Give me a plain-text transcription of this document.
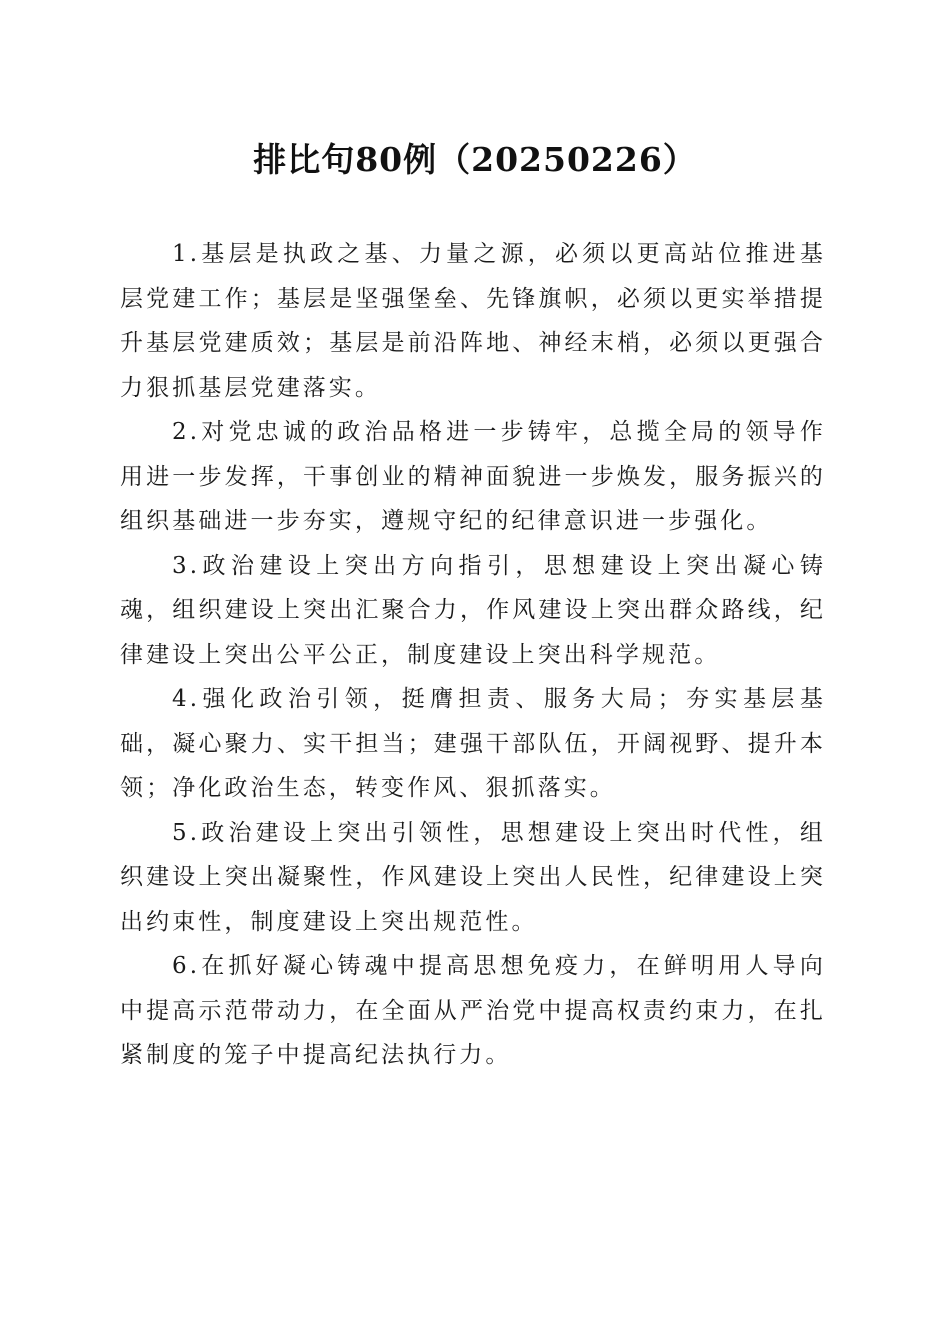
排比句80例（20250226）

1.基层是执政之基、力量之源，必须以更高站位推进基层党建工作；基层是坚强堡垒、先锋旗帜，必须以更实举措提升基层党建质效；基层是前沿阵地、神经末梢，必须以更强合力狠抓基层党建落实。

2.对党忠诚的政治品格进一步铸牢，总揽全局的领导作用进一步发挥，干事创业的精神面貌进一步焕发，服务振兴的组织基础进一步夯实，遵规守纪的纪律意识进一步强化。

3.政治建设上突出方向指引，思想建设上突出凝心铸魂，组织建设上突出汇聚合力，作风建设上突出群众路线，纪律建设上突出公平公正，制度建设上突出科学规范。

4.强化政治引领，挺膺担责、服务大局；夯实基层基础，凝心聚力、实干担当；建强干部队伍，开阔视野、提升本领；净化政治生态，转变作风、狠抓落实。

5.政治建设上突出引领性，思想建设上突出时代性，组织建设上突出凝聚性，作风建设上突出人民性，纪律建设上突出约束性，制度建设上突出规范性。

6.在抓好凝心铸魂中提高思想免疫力，在鲜明用人导向中提高示范带动力，在全面从严治党中提高权责约束力，在扎紧制度的笼子中提高纪法执行力。
